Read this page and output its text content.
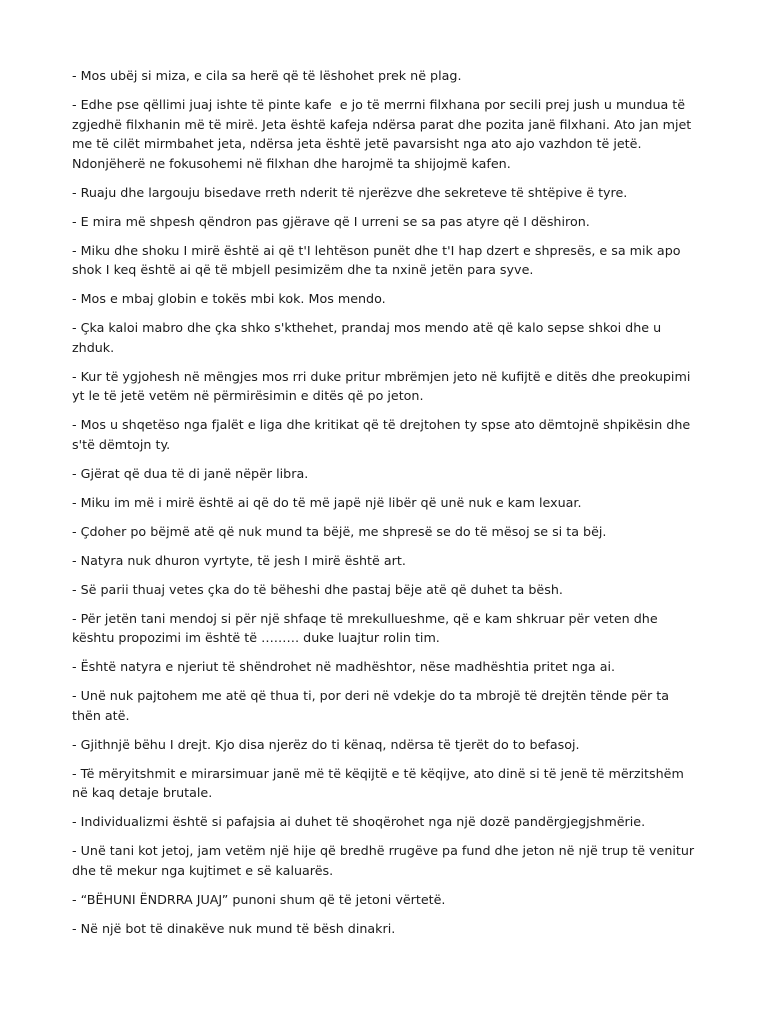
- Mos ubëj si miza, e cila sa herë që të lëshohet prek në plag.

- Edhe pse qëllimi juaj ishte të pinte kafe  e jo të merrni filxhana por secili prej jush u mundua të zgjedhë filxhanin më të mirë. Jeta është kafeja ndërsa parat dhe pozita janë filxhani. Ato jan mjet me të cilët mirmbahet jeta, ndërsa jeta është jetë pavarsisht nga ato ajo vazhdon të jetë. Ndonjëherë ne fokusohemi në filxhan dhe harojmë ta shijojmë kafen.

- Ruaju dhe largouju bisedave rreth nderit të njerëzve dhe sekreteve të shtëpive ë tyre.

- E mira më shpesh qëndron pas gjërave që I urreni se sa pas atyre që I dëshiron.

- Miku dhe shoku I mirë është ai që t'I lehtëson punët dhe t'I hap dzert e shpresës, e sa mik apo shok I keq është ai që të mbjell pesimizëm dhe ta nxinë jetën para syve.

- Mos e mbaj globin e tokës mbi kok. Mos mendo.

- Çka kaloi mabro dhe çka shko s'kthehet, prandaj mos mendo atë që kalo sepse shkoi dhe u zhduk.

- Kur të ygjohesh në mëngjes mos rri duke pritur mbrëmjen jeto në kufijtë e ditës dhe preokupimi yt le të jetë vetëm në përmirësimin e ditës që po jeton.

- Mos u shqetëso nga fjalët e liga dhe kritikat që të drejtohen ty spse ato dëmtojnë shpikësin dhe s'të dëmtojn ty.

- Gjërat që dua të di janë nëpër libra.

- Miku im më i mirë është ai që do të më japë një libër që unë nuk e kam lexuar.

- Çdoher po bëjmë atë që nuk mund ta bëjë, me shpresë se do të mësoj se si ta bëj.

- Natyra nuk dhuron vyrtyte, të jesh I mirë është art.

- Së parii thuaj vetes çka do të bëheshi dhe pastaj bëje atë që duhet ta bësh.

- Për jetën tani mendoj si për një shfaqe të mrekullueshme, që e kam shkruar për veten dhe kështu propozimi im është të ……… duke luajtur rolin tim.

- Është natyra e njeriut të shëndrohet në madhështor, nëse madhështia pritet nga ai.

- Unë nuk pajtohem me atë që thua ti, por deri në vdekje do ta mbrojë të drejtën tënde për ta thën atë.

- Gjithnjë bëhu I drejt. Kjo disa njerëz do ti kënaq, ndërsa të tjerët do to befasoj.

- Të mëryitshmit e mirarsimuar janë më të këqijtë e të këqijve, ato dinë si të jenë të mërzitshëm në kaq detaje brutale.

- Individualizmi është si pafajsia ai duhet të shoqërohet nga një dozë pandërgjegjshmërie.

- Unë tani kot jetoj, jam vetëm një hije që bredhë rrugëve pa fund dhe jeton në një trup të venitur dhe të mekur nga kujtimet e së kaluarës.

- “BËHUNI ËNDRRA JUAJ” punoni shum që të jetoni vërtetë.

- Në një bot të dinakëve nuk mund të bësh dinakri.
